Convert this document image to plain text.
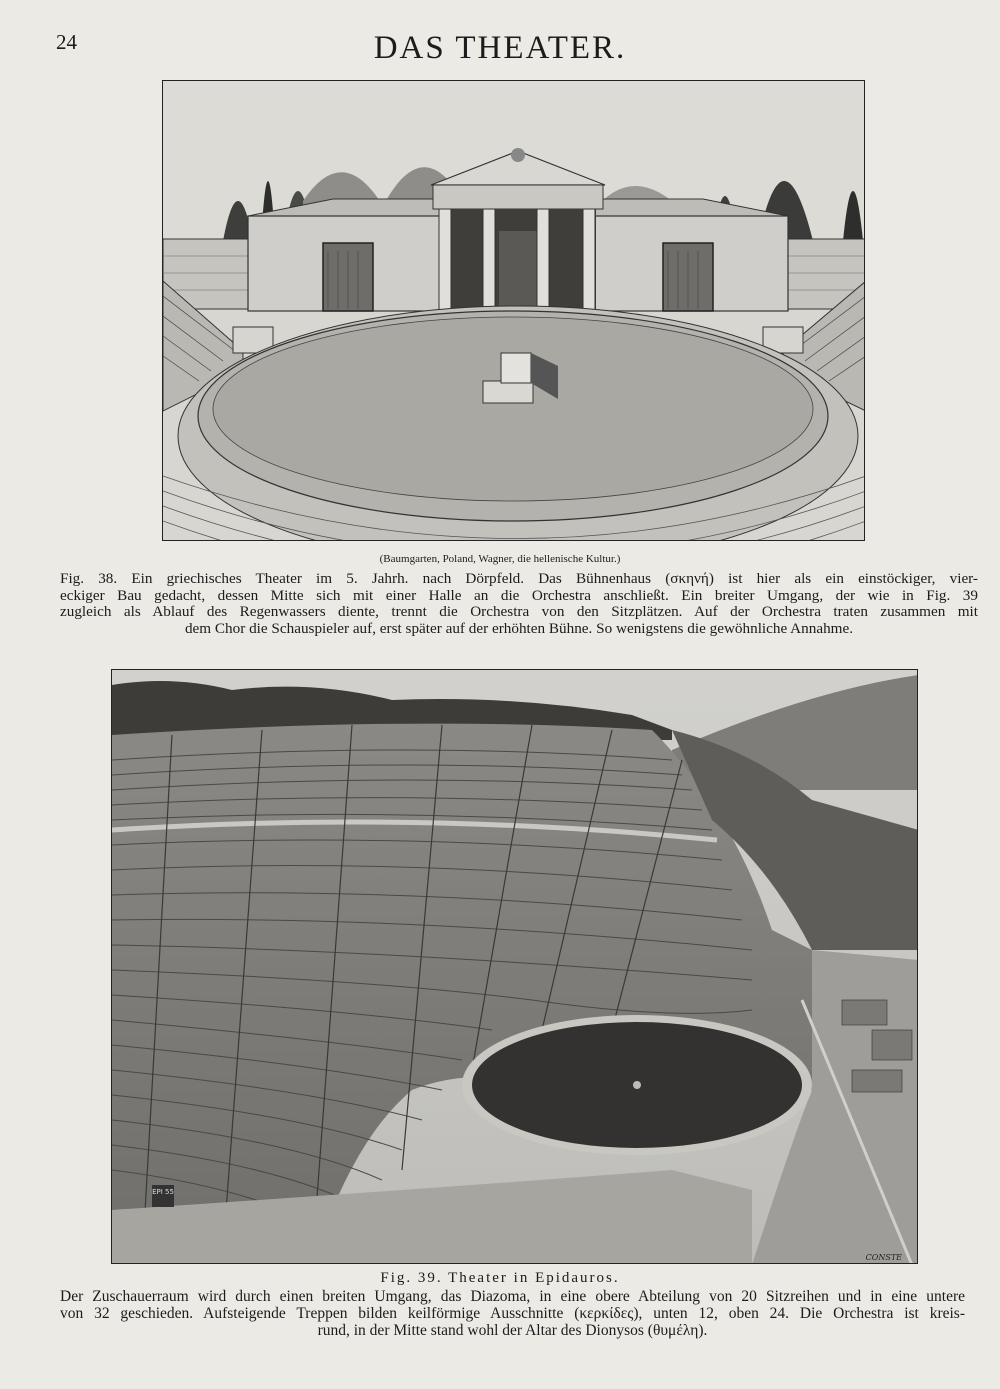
24	DAS THEATER.
(Baumgarten, Poland, Wagner, die hellenische Kultur.)
Fig. 38. Ein griechisches Theater im 5. Jahrh. nach Dörpfeld. Das Bühnenhaus (σκηνή) ist hier als ein einstöckiger, vier-
eckiger Bau gedacht, dessen Mitte sich mit einer Halle an die Orchestra anschließt. Ein breiter Umgang, der wie in Fig. 39
zugleich als Ablauf des Regenwassers diente, trennt die Orchestra von den Sitzplätzen. Auf der Orchestra traten zusammen mit
dem Chor die Schauspieler auf, erst später auf der erhöhten Bühne. So wenigstens die gewöhnliche Annahme.
EPI 55
CONSTE
Fig. 39. Theater in Epidauros.
Der Zuschauerraum wird durch einen breiten Umgang, das Diazoma, in eine obere Abteilung von 20 Sitzreihen und in eine untere
von 32 geschieden. Aufsteigende Treppen bilden keilförmige Ausschnitte (κερκίδες), unten 12, oben 24. Die Orchestra ist kreis-
rund, in der Mitte stand wohl der Altar des Dionysos (θυμέλη).
